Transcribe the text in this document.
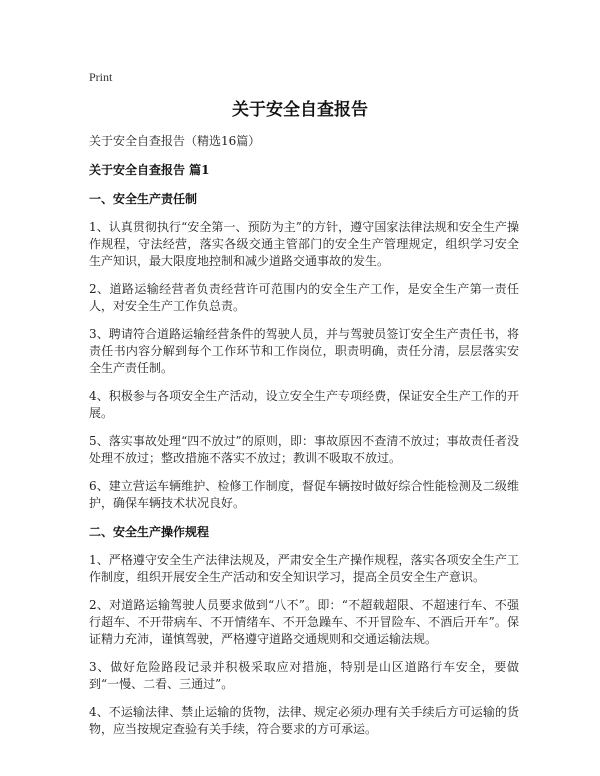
Print
关于安全自查报告

关于安全自查报告（精选16篇）

关于安全自查报告 篇1

一、安全生产责任制

1、认真贯彻执行“安全第一、预防为主”的方针，遵守国家法律法规和安全生产操作规程，守法经营，落实各级交通主管部门的安全生产管理规定，组织学习安全生产知识，最大限度地控制和减少道路交通事故的发生。

2、道路运输经营者负责经营许可范围内的安全生产工作，是安全生产第一责任人，对安全生产工作负总责。

3、聘请符合道路运输经营条件的驾驶人员，并与驾驶员签订安全生产责任书，将责任书内容分解到每个工作环节和工作岗位，职责明确，责任分清，层层落实安全生产责任制。

4、积极参与各项安全生产活动，设立安全生产专项经费，保证安全生产工作的开展。

5、落实事故处理“四不放过”的原则，即：事故原因不查清不放过；事故责任者没处理不放过；整改措施不落实不放过；教训不吸取不放过。

6、建立营运车辆维护、检修工作制度，督促车辆按时做好综合性能检测及二级维护，确保车辆技术状况良好。

二、安全生产操作规程

1、严格遵守安全生产法律法规及，严肃安全生产操作规程，落实各项安全生产工作制度，组织开展安全生产活动和安全知识学习，提高全员安全生产意识。

2、对道路运输驾驶人员要求做到“八不”。即：“不超载超限、不超速行车、不强行超车、不开带病车、不开情绪车、不开急躁车、不开冒险车、不酒后开车”。保证精力充沛，谨慎驾驶，严格遵守道路交通规则和交通运输法规。

3、做好危险路段记录并积极采取应对措施，特别是山区道路行车安全，要做到“一慢、二看、三通过”。

4、不运输法律、禁止运输的货物，法律、规定必须办理有关手续后方可运输的货物，应当按规定查验有关手续，符合要求的方可承运。
